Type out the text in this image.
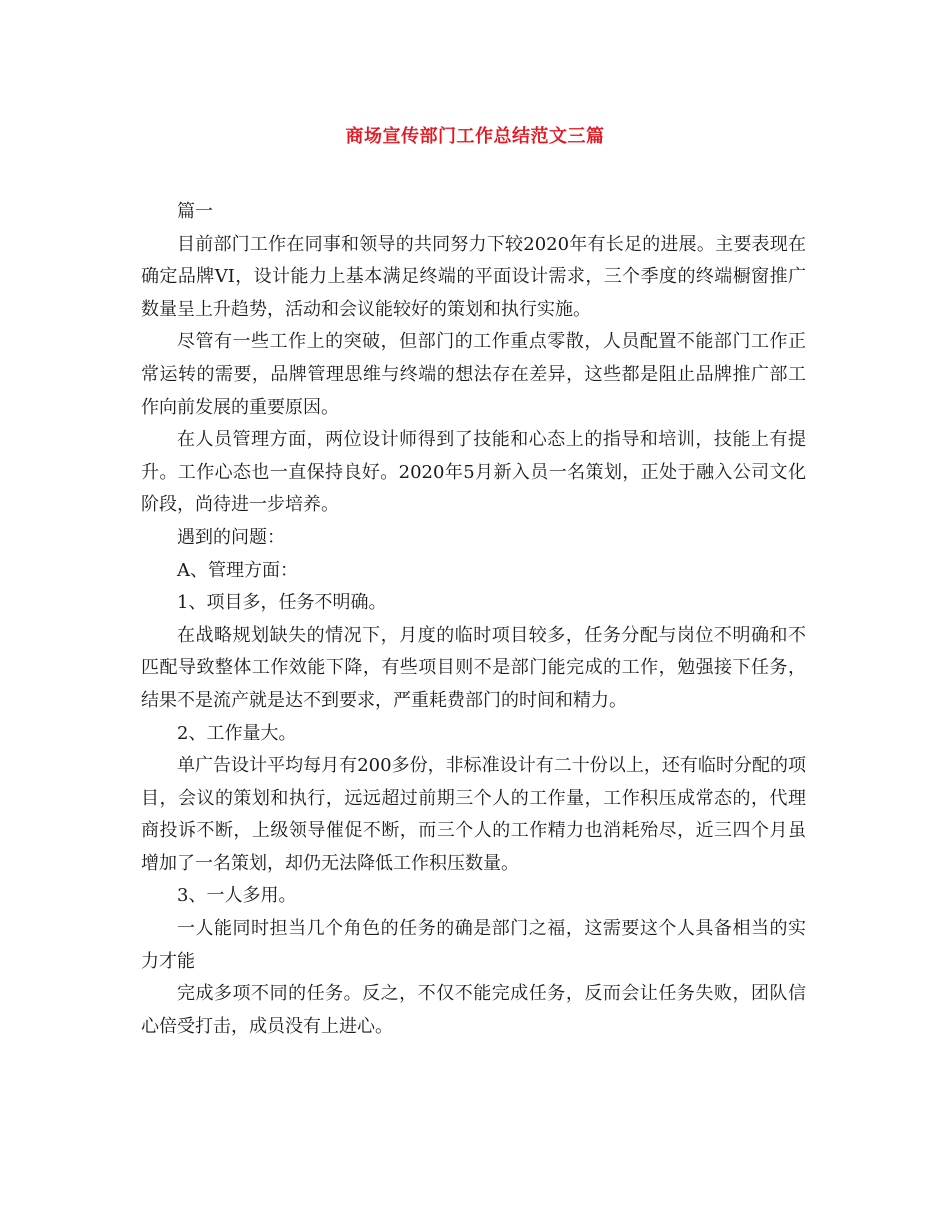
商场宣传部门工作总结范文三篇

篇一

目前部门工作在同事和领导的共同努力下较2020年有长足的进展。主要表现在确定品牌VI，设计能力上基本满足终端的平面设计需求，三个季度的终端橱窗推广数量呈上升趋势，活动和会议能较好的策划和执行实施。

尽管有一些工作上的突破，但部门的工作重点零散，人员配置不能部门工作正常运转的需要，品牌管理思维与终端的想法存在差异，这些都是阻止品牌推广部工作向前发展的重要原因。

在人员管理方面，两位设计师得到了技能和心态上的指导和培训，技能上有提升。工作心态也一直保持良好。2020年5月新入员一名策划，正处于融入公司文化阶段，尚待进一步培养。

遇到的问题：

A、管理方面：

1、项目多，任务不明确。

在战略规划缺失的情况下，月度的临时项目较多，任务分配与岗位不明确和不匹配导致整体工作效能下降，有些项目则不是部门能完成的工作，勉强接下任务，结果不是流产就是达不到要求，严重耗费部门的时间和精力。

2、工作量大。

单广告设计平均每月有200多份，非标准设计有二十份以上，还有临时分配的项目，会议的策划和执行，远远超过前期三个人的工作量，工作积压成常态的，代理商投诉不断，上级领导催促不断，而三个人的工作精力也消耗殆尽，近三四个月虽增加了一名策划，却仍无法降低工作积压数量。

3、一人多用。

一人能同时担当几个角色的任务的确是部门之福，这需要这个人具备相当的实力才能

完成多项不同的任务。反之，不仅不能完成任务，反而会让任务失败，团队信心倍受打击，成员没有上进心。
